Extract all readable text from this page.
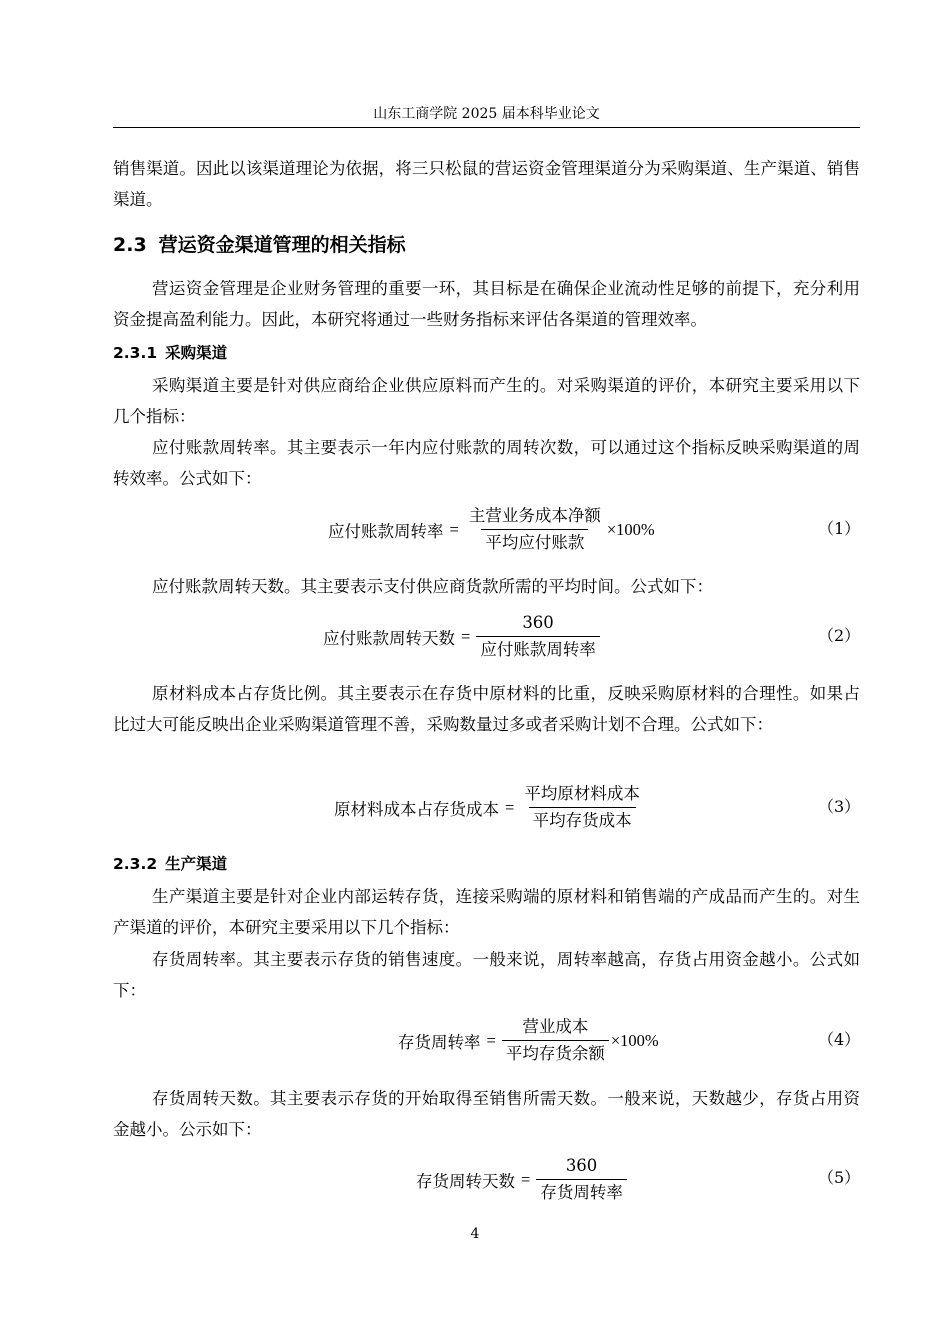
山东工商学院 2025 届本科毕业论文
销售渠道。因此以该渠道理论为依据，将三只松鼠的营运资金管理渠道分为采购渠道、生产渠道、销售渠道。
2.3 营运资金渠道管理的相关指标
营运资金管理是企业财务管理的重要一环，其目标是在确保企业流动性足够的前提下，充分利用资金提高盈利能力。因此，本研究将通过一些财务指标来评估各渠道的管理效率。
2.3.1 采购渠道
采购渠道主要是针对供应商给企业供应原料而产生的。对采购渠道的评价，本研究主要采用以下几个指标：
应付账款周转率。其主要表示一年内应付账款的周转次数，可以通过这个指标反映采购渠道的周转效率。公式如下：
应付账款周转率 = $\frac{\text{主营业务成本净额}}{\text{平均应付账款}} \times 100\%$	（1）
应付账款周转天数。其主要表示支付供应商货款所需的平均时间。公式如下：
应付账款周转天数 = $\frac{360}{\text{应付账款周转率}}$	（2）
原材料成本占存货比例。其主要表示在存货中原材料的比重，反映采购原材料的合理性。如果占比过大可能反映出企业采购渠道管理不善，采购数量过多或者采购计划不合理。公式如下：
原材料成本占存货成本 = $\frac{\text{平均原材料成本}}{\text{平均存货成本}}$	（3）
2.3.2 生产渠道
生产渠道主要是针对企业内部运转存货，连接采购端的原材料和销售端的产成品而产生的。对生产渠道的评价，本研究主要采用以下几个指标：
存货周转率。其主要表示存货的销售速度。一般来说，周转率越高，存货占用资金越小。公式如下：
存货周转率 = $\frac{\text{营业成本}}{\text{平均存货余额}} \times 100\%$	（4）
存货周转天数。其主要表示存货的开始取得至销售所需天数。一般来说，天数越少，存货占用资金越小。公示如下：
存货周转天数 = $\frac{360}{\text{存货周转率}}$	（5）
4
